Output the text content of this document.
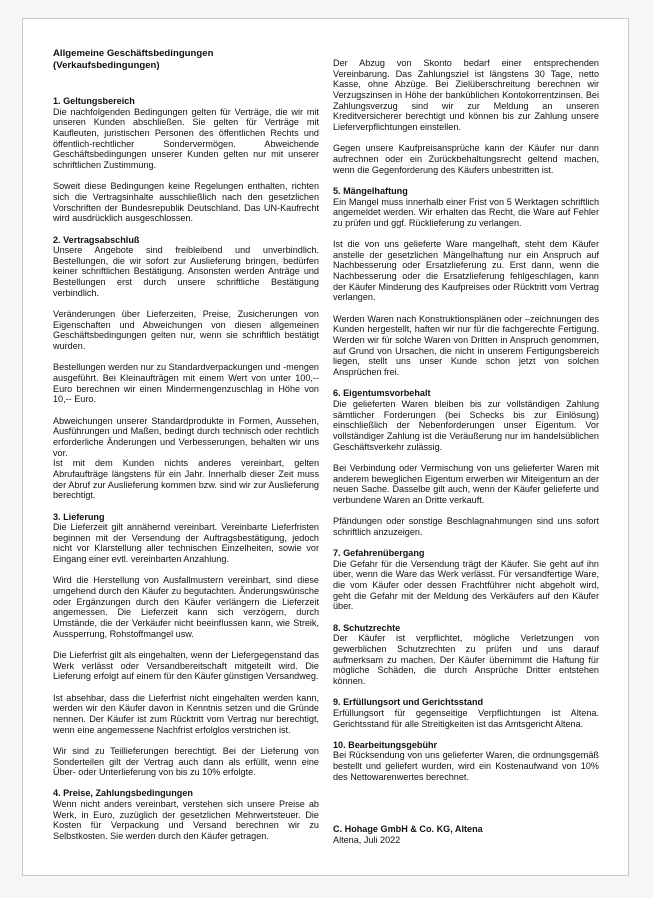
Allgemeine Geschäftsbedingungen
(Verkaufsbedingungen)
1. Geltungsbereich

Die nachfolgenden Bedingungen gelten für Verträge, die wir mit unseren Kunden abschließen. Sie gelten für Verträge mit Kaufleuten, juristischen Personen des öffentlichen Rechts und öffentlich-rechtlicher Sondervermögen. Abweichende Geschäftsbedingungen unserer Kunden gelten nur mit unserer schriftlichen Zustimmung.

Soweit diese Bedingungen keine Regelungen enthalten, richten sich die Vertragsinhalte ausschließlich nach den gesetzlichen Vorschriften der Bundesrepublik Deutschland. Das UN-Kaufrecht wird ausdrücklich ausgeschlossen.

2. Vertragsabschluß

Unsere Angebote sind freibleibend und unverbindlich. Bestellungen, die wir sofort zur Auslieferung bringen, bedürfen keiner schriftlichen Bestätigung. Ansonsten werden Anträge und Bestellungen erst durch unsere schriftliche Bestätigung verbindlich.

Veränderungen über Lieferzeiten, Preise, Zusicherungen von Eigenschaften und Abweichungen von diesen allgemeinen Geschäftsbedingungen gelten nur, wenn sie schriftlich bestätigt wurden.

Bestellungen werden nur zu Standardverpackungen und -mengen ausgeführt. Bei Kleinaufträgen mit einem Wert von unter 100,-- Euro berechnen wir einen Mindermengenzuschlag in Höhe von 10,-- Euro.

Abweichungen unserer Standardprodukte in Formen, Aussehen, Ausführungen und Maßen, bedingt durch technisch oder rechtlich erforderliche Änderungen und Verbesserungen, behalten wir uns vor.

Ist mit dem Kunden nichts anderes vereinbart, gelten Abrufaufträge längstens für ein Jahr. Innerhalb dieser Zeit muss der Abruf zur Auslieferung kommen bzw. sind wir zur Auslieferung berechtigt.

3. Lieferung

Die Lieferzeit gilt annähernd vereinbart. Vereinbarte Lieferfristen beginnen mit der Versendung der Auftragsbestätigung, jedoch nicht vor Klarstellung aller technischen Einzelheiten, sowie vor Eingang einer evtl. vereinbarten Anzahlung.

Wird die Herstellung von Ausfallmustern vereinbart, sind diese umgehend durch den Käufer zu begutachten. Änderungswünsche oder Ergänzungen durch den Käufer verlängern die Lieferzeit angemessen. Die Lieferzeit kann sich verzögern, durch Umstände, die der Verkäufer nicht beeinflussen kann, wie Streik, Aussperrung, Rohstoffmangel usw.

Die Lieferfrist gilt als eingehalten, wenn der Liefergegenstand das Werk verlässt oder Versandbereitschaft mitgeteilt wird. Die Lieferung erfolgt auf einem für den Käufer günstigen Versandweg.

Ist absehbar, dass die Lieferfrist nicht eingehalten werden kann, werden wir den Käufer davon in Kenntnis setzen und die Gründe nennen. Der Käufer ist zum Rücktritt vom Vertrag nur berechtigt, wenn eine angemessene Nachfrist erfolglos verstrichen ist.

Wir sind zu Teillieferungen berechtigt. Bei der Lieferung von Sonderteilen gilt der Vertrag auch dann als erfüllt, wenn eine Über- oder Unterlieferung von bis zu 10% erfolgte.

4. Preise, Zahlungsbedingungen

Wenn nicht anders vereinbart, verstehen sich unsere Preise ab Werk, in Euro, zuzüglich der gesetzlichen Mehrwertsteuer. Die Kosten für Verpackung und Versand berechnen wir zu Selbstkosten. Sie werden durch den Käufer getragen.

Der Abzug von Skonto bedarf einer entsprechenden Vereinbarung. Das Zahlungsziel ist längstens 30 Tage, netto Kasse, ohne Abzüge. Bei Zielüberschreitung berechnen wir Verzugszinsen in Höhe der banküblichen Kontokorrentzinsen. Bei Zahlungsverzug sind wir zur Meldung an unseren Kreditversicherer berechtigt und können bis zur Zahlung unsere Lieferverpflichtungen einstellen.

Gegen unsere Kaufpreisansprüche kann der Käufer nur dann aufrechnen oder ein Zurückbehaltungsrecht geltend machen, wenn die Gegenforderung des Käufers unbestritten ist.

5. Mängelhaftung

Ein Mangel muss innerhalb einer Frist von 5 Werktagen schriftlich angemeldet werden. Wir erhalten das Recht, die Ware auf Fehler zu prüfen und ggf. Rücklieferung zu verlangen.

Ist die von uns gelieferte Ware mangelhaft, steht dem Käufer anstelle der gesetzlichen Mängelhaftung nur ein Anspruch auf Nachbesserung oder Ersatzlieferung zu. Erst dann, wenn die Nachbesserung oder die Ersatzlieferung fehlgeschlagen, kann der Käufer Minderung des Kaufpreises oder Rücktritt vom Vertrag verlangen.

Werden Waren nach Konstruktionsplänen oder –zeichnungen des Kunden hergestellt, haften wir nur für die fachgerechte Fertigung. Werden wir für solche Waren von Dritten in Anspruch genommen, auf Grund von Ursachen, die nicht in unserem Fertigungsbereich liegen, stellt uns unser Kunde schon jetzt von solchen Ansprüchen frei.

6. Eigentumsvorbehalt

Die gelieferten Waren bleiben bis zur vollständigen Zahlung sämtlicher Forderungen (bei Schecks bis zur Einlösung) einschließlich der Nebenforderungen unser Eigentum. Vor vollständiger Zahlung ist die Veräußerung nur im handelsüblichen Geschäftsverkehr zulässig.

Bei Verbindung oder Vermischung von uns gelieferter Waren mit anderem beweglichen Eigentum erwerben wir Miteigentum an der neuen Sache. Dasselbe gilt auch, wenn der Käufer gelieferte und verbundene Waren an Dritte verkauft.

Pfändungen oder sonstige Beschlagnahmungen sind uns sofort schriftlich anzuzeigen.

7. Gefahrenübergang

Die Gefahr für die Versendung trägt der Käufer. Sie geht auf ihn über, wenn die Ware das Werk verlässt. Für versandfertige Ware, die vom Käufer oder dessen Frachtführer nicht abgeholt wird, geht die Gefahr mit der Meldung des Verkäufers auf den Käufer über.

8. Schutzrechte

Der Käufer ist verpflichtet, mögliche Verletzungen von gewerblichen Schutzrechten zu prüfen und uns darauf aufmerksam zu machen. Der Käufer übernimmt die Haftung für mögliche Schäden, die durch Ansprüche Dritter entstehen können.

9. Erfüllungsort und Gerichtsstand

Erfüllungsort für gegenseitige Verpflichtungen ist Altena. Gerichtsstand für alle Streitigkeiten ist das Amtsgericht Altena.

10. Bearbeitungsgebühr

Bei Rücksendung von uns gelieferter Waren, die ordnungsgemäß bestellt und geliefert wurden, wird ein Kostenaufwand von 10% des Nettowarenwertes berechnet.

C. Hohage GmbH & Co. KG, Altena
Altena, Juli 2022
